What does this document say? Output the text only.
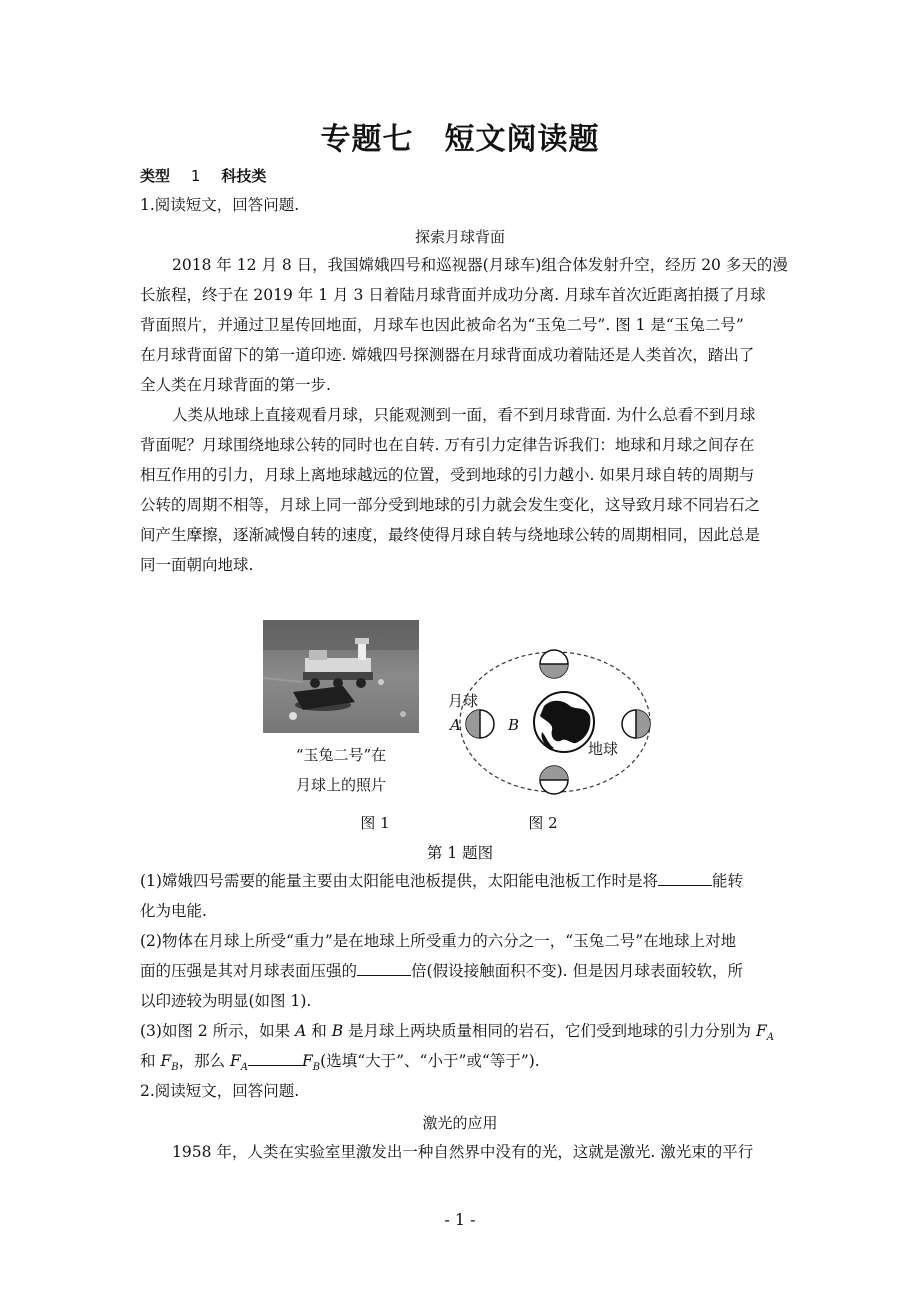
专题七　短文阅读题
类型 1 科技类
1.阅读短文，回答问题.
探索月球背面
2018 年 12 月 8 日，我国嫦娥四号和巡视器(月球车)组合体发射升空，经历 20 多天的漫
长旅程，终于在 2019 年 1 月 3 日着陆月球背面并成功分离. 月球车首次近距离拍摄了月球
背面照片，并通过卫星传回地面，月球车也因此被命名为“玉兔二号”. 图 1 是“玉兔二号”
在月球背面留下的第一道印迹. 嫦娥四号探测器在月球背面成功着陆还是人类首次，踏出了
全人类在月球背面的第一步.
人类从地球上直接观看月球，只能观测到一面，看不到月球背面. 为什么总看不到月球
背面呢？月球围绕地球公转的同时也在自转. 万有引力定律告诉我们：地球和月球之间存在
相互作用的引力，月球上离地球越远的位置，受到地球的引力越小. 如果月球自转的周期与
公转的周期不相等，月球上同一部分受到地球的引力就会发生变化，这导致月球不同岩石之
间产生摩擦，逐渐减慢自转的速度，最终使得月球自转与绕地球公转的周期相同，因此总是
同一面朝向地球.
“玉兔二号”在
月球上的照片
月球
A	B
地球
图 1	图 2
第 1 题图
(1)嫦娥四号需要的能量主要由太阳能电池板提供，太阳能电池板工作时是将	能转
化为电能.
(2)物体在月球上所受“重力”是在地球上所受重力的六分之一，“玉兔二号”在地球上对地
面的压强是其对月球表面压强的	倍(假设接触面积不变). 但是因月球表面较软，所
以印迹较为明显(如图 1).
(3)如图 2 所示，如果 A 和 B 是月球上两块质量相同的岩石，它们受到地球的引力分别为 $F_A$
和 $F_B$，那么 $F_A$	$F_B$(选填“大于”、“小于”或“等于”).
2.阅读短文，回答问题.
激光的应用
1958 年，人类在实验室里激发出一种自然界中没有的光，这就是激光. 激光束的平行
- 1 -
